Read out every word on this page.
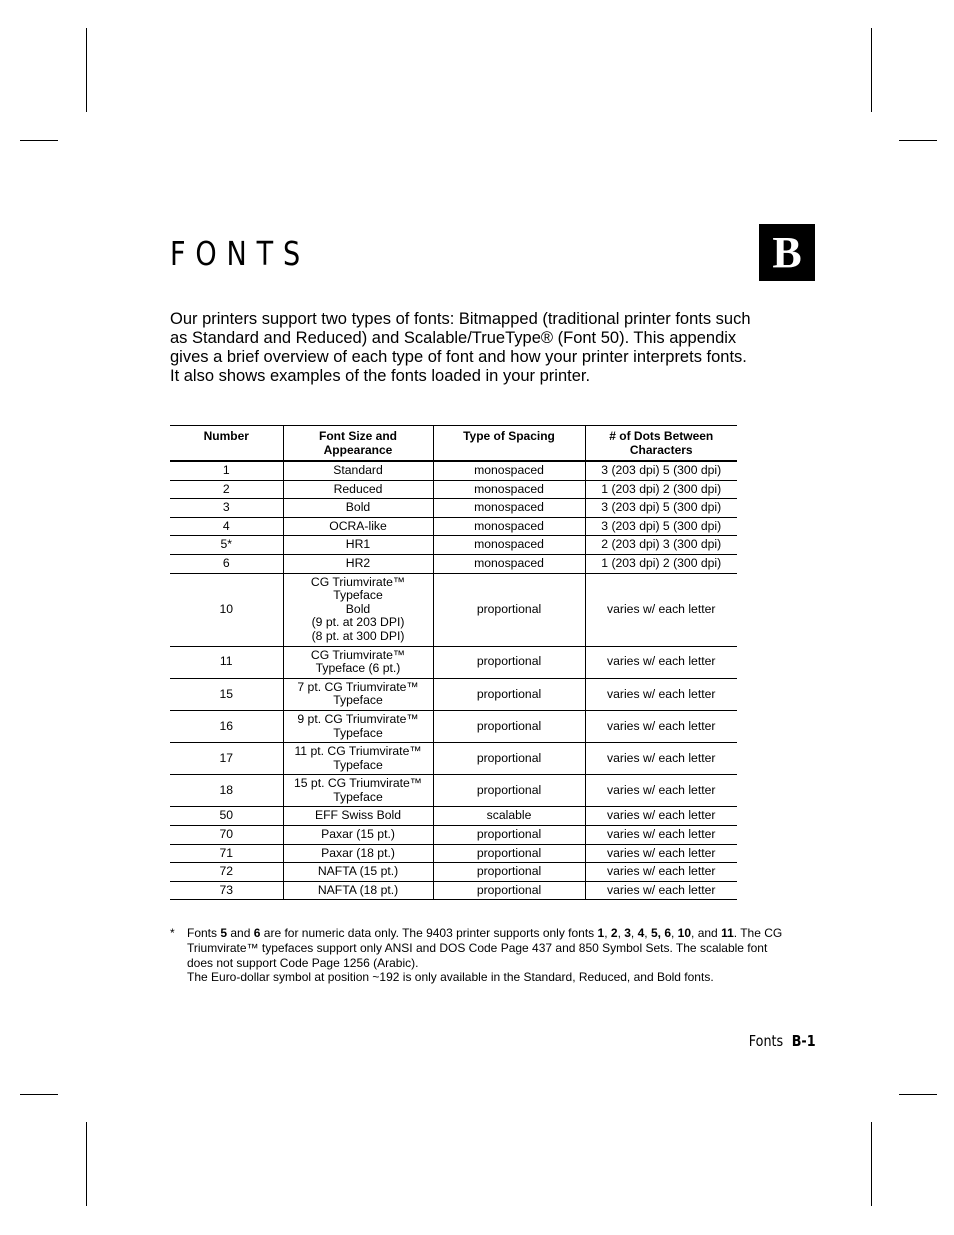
FONTS	B

Our printers support two types of fonts: Bitmapped (traditional printer fonts such as Standard and Reduced) and Scalable/TrueType® (Font 50). This appendix gives a brief overview of each type of font and how your printer interprets fonts. It also shows examples of the fonts loaded in your printer.

Number	Font Size and Appearance	Type of Spacing	# of Dots Between Characters
1	Standard	monospaced	3 (203 dpi) 5 (300 dpi)
2	Reduced	monospaced	1 (203 dpi) 2 (300 dpi)
3	Bold	monospaced	3 (203 dpi) 5 (300 dpi)
4	OCRA-like	monospaced	3 (203 dpi) 5 (300 dpi)
5*	HR1	monospaced	2 (203 dpi) 3 (300 dpi)
6	HR2	monospaced	1 (203 dpi) 2 (300 dpi)
10	CG Triumvirate™
Typeface
Bold
(9 pt. at 203 DPI)
(8 pt. at 300 DPI)	proportional	varies w/ each letter
11	CG Triumvirate™
Typeface (6 pt.)	proportional	varies w/ each letter
15	7 pt. CG Triumvirate™
Typeface	proportional	varies w/ each letter
16	9 pt. CG Triumvirate™
Typeface	proportional	varies w/ each letter
17	11 pt. CG Triumvirate™
Typeface	proportional	varies w/ each letter
18	15 pt. CG Triumvirate™
Typeface	proportional	varies w/ each letter
50	EFF Swiss Bold	scalable	varies w/ each letter
70	Paxar (15 pt.)	proportional	varies w/ each letter
71	Paxar (18 pt.)	proportional	varies w/ each letter
72	NAFTA (15 pt.)	proportional	varies w/ each letter
73	NAFTA (18 pt.)	proportional	varies w/ each letter
* Fonts 5 and 6 are for numeric data only. The 9403 printer supports only fonts 1, 2, 3, 4, 5, 6, 10, and 11. The CG Triumvirate™ typefaces support only ANSI and DOS Code Page 437 and 850 Symbol Sets. The scalable font does not support Code Page 1256 (Arabic).
The Euro-dollar symbol at position ~192 is only available in the Standard, Reduced, and Bold fonts.
Fonts B-1
